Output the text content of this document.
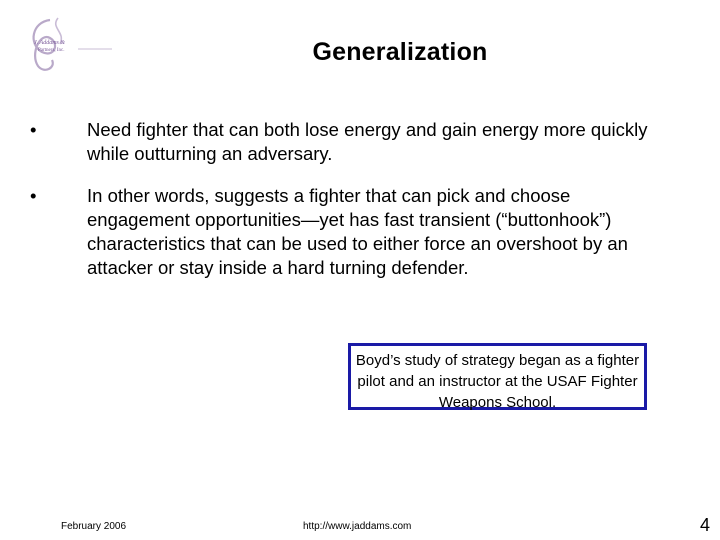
J. Addams &
Partners, Inc.	Generalization
•	Need fighter that can both lose energy and gain energy more quickly while outturning an adversary.
•	In other words, suggests a fighter that can pick and choose engagement opportunities—yet has fast transient (“buttonhook”) characteristics that can be used to either force an overshoot by an attacker or stay inside a hard turning defender.
Boyd’s study of strategy began as a fighter pilot and an instructor at the USAF Fighter Weapons School.
February 2006	http://www.jaddams.com	4
